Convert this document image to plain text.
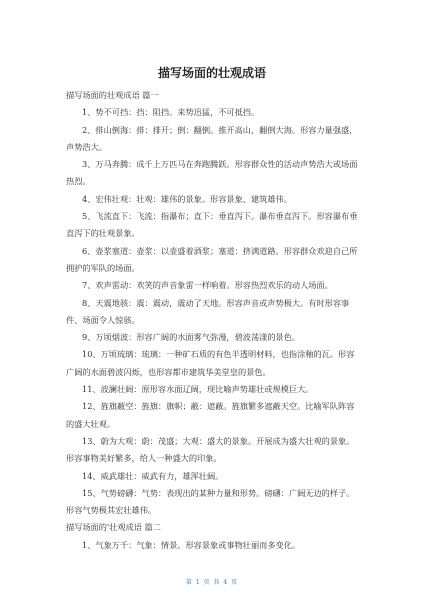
描写场面的壮观成语

描写场面的壮观成语 篇一

1、势不可挡：挡：阻挡。来势迅猛，不可抵挡。

2、排山倒海：排：排开；倒：翻倒。推开高山，翻倒大海。形容力量强盛，声势浩大。

3、万马奔腾：成千上万匹马在奔跑腾跃。形容群众性的活动声势浩大或场面热烈。

4、宏伟壮观：壮观：雄伟的景象。形容景象、建筑雄伟。

5、飞流直下：飞流：指瀑布；直下：垂直泻下。瀑布垂直泻下。形容瀑布垂直泻下的壮观景象。

6、壶浆塞道：壶浆：以壶盛着酒浆；塞道：挤满道路。形容群众欢迎自己所拥护的军队的场面。

7、欢声雷动：欢笑的声音象雷一样响着。形容热烈欢乐的动人场面。

8、天震地骇：震：震动，震动了天地。形容声音或声势极大。有时形容事件、场面令人惊骇。

9、万顷烟波：形容广阔的水面雾气弥漫，碧波荡漾的景色。

10、万顷琉璃：琉璃：一种矿石质的有色半透明材料，也指涂釉的瓦。形容广阔的水面碧波闪烁，也形容都市建筑华美堂皇的景色。

11、波澜壮阔：原形容水面辽阔，现比喻声势雄壮或规模巨大。

12、旌旗蔽空：旌旗：旗帜；蔽：遮蔽。旌旗繁多遮蔽天空。比喻军队阵容的盛大壮观。

13、蔚为大观：蔚：茂盛；大观：盛大的景象。开展成为盛大壮观的景象。形容事物美好繁多，给人一种盛大的印象。

14、威武雄壮：威武有力，雄浑壮阔。

15、气势磅礴：气势：表现出的某种力量和形势。磅礴：广阔无边的样子。形容气势极其宏壮雄伟。

描写场面的'壮观成语 篇二

1、气象万千：气象：情景。形容景象或事物壮丽而多变化。

第 1 页 共 4 页
